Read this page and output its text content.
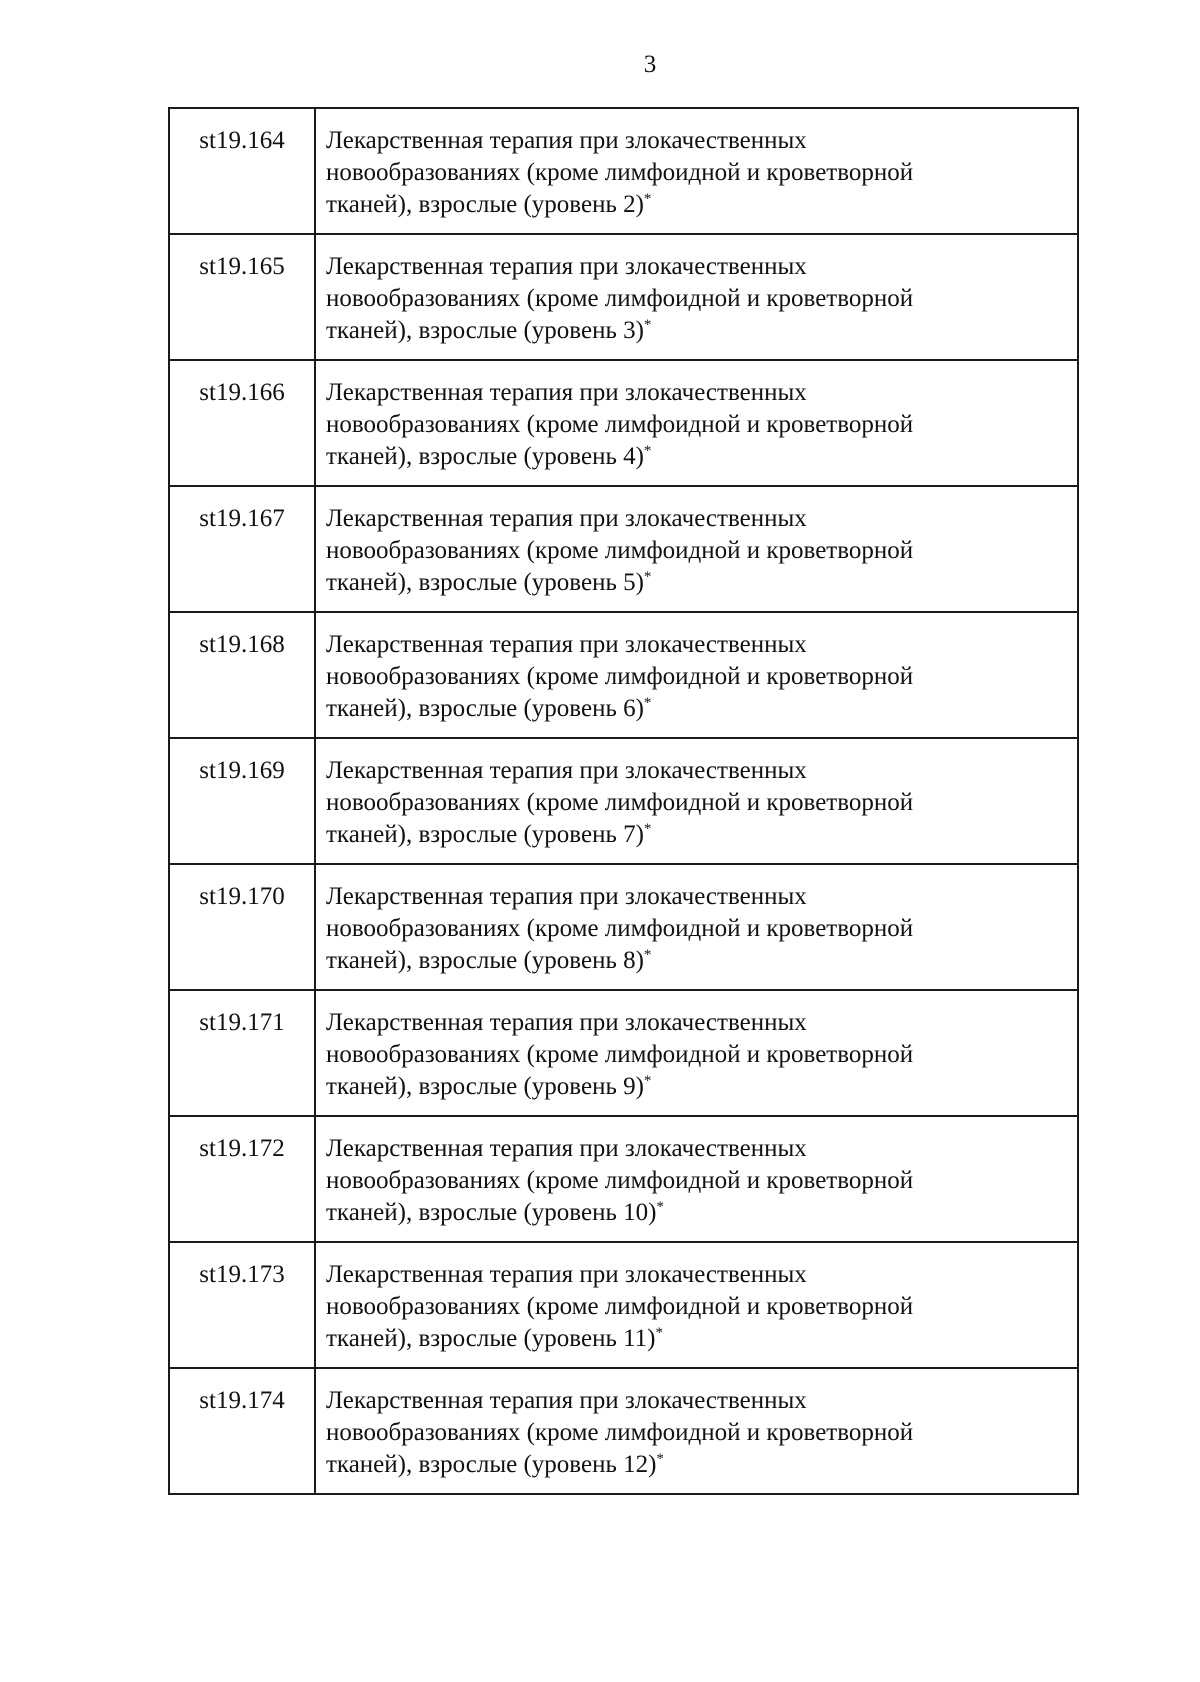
3
st19.164	Лекарственная терапия при злокачественных
новообразованиях (кроме лимфоидной и кроветворной
тканей), взрослые (уровень 2)*

st19.165	Лекарственная терапия при злокачественных
новообразованиях (кроме лимфоидной и кроветворной
тканей), взрослые (уровень 3)*

st19.166	Лекарственная терапия при злокачественных
новообразованиях (кроме лимфоидной и кроветворной
тканей), взрослые (уровень 4)*

st19.167	Лекарственная терапия при злокачественных
новообразованиях (кроме лимфоидной и кроветворной
тканей), взрослые (уровень 5)*

st19.168	Лекарственная терапия при злокачественных
новообразованиях (кроме лимфоидной и кроветворной
тканей), взрослые (уровень 6)*

st19.169	Лекарственная терапия при злокачественных
новообразованиях (кроме лимфоидной и кроветворной
тканей), взрослые (уровень 7)*

st19.170	Лекарственная терапия при злокачественных
новообразованиях (кроме лимфоидной и кроветворной
тканей), взрослые (уровень 8)*

st19.171	Лекарственная терапия при злокачественных
новообразованиях (кроме лимфоидной и кроветворной
тканей), взрослые (уровень 9)*

st19.172	Лекарственная терапия при злокачественных
новообразованиях (кроме лимфоидной и кроветворной
тканей), взрослые (уровень 10)*

st19.173	Лекарственная терапия при злокачественных
новообразованиях (кроме лимфоидной и кроветворной
тканей), взрослые (уровень 11)*

st19.174	Лекарственная терапия при злокачественных
новообразованиях (кроме лимфоидной и кроветворной
тканей), взрослые (уровень 12)*
